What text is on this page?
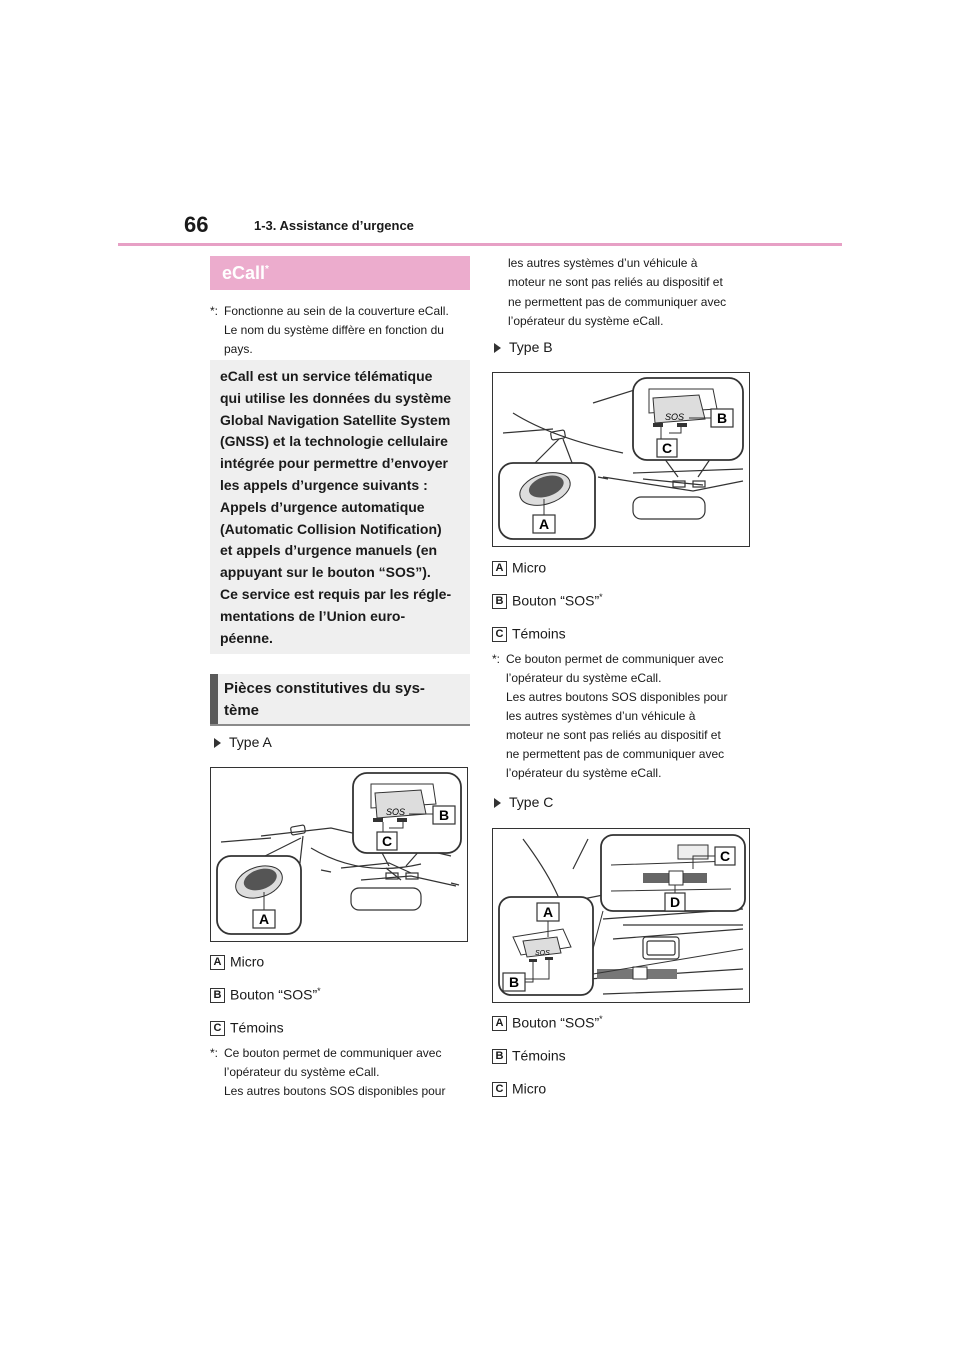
66	1-3. Assistance d’urgence
eCall*
*: Fonctionne au sein de la couverture eCall.
Le nom du système diffère en fonction du
pays.
eCall est un service télématique
qui utilise les données du système
Global Navigation Satellite System
(GNSS) et la technologie cellulaire
intégrée pour permettre d’envoyer
les appels d’urgence suivants :
Appels d’urgence automatique
(Automatic Collision Notification)
et appels d’urgence manuels (en
appuyant sur le bouton “SOS”).
Ce service est requis par les régle-
mentations de l’Union euro-
péenne.
Pièces constitutives du sys-
tème
Type A
SOS B
C
A
A Micro
B Bouton “SOS”*
C Témoins
*: Ce bouton permet de communiquer avec
l’opérateur du système eCall.
Les autres boutons SOS disponibles pour
les autres systèmes d’un véhicule à
moteur ne sont pas reliés au dispositif et
ne permettent pas de communiquer avec
l’opérateur du système eCall.
Type B
SOS B
C
A
A Micro
B Bouton “SOS”*
C Témoins
*: Ce bouton permet de communiquer avec
l’opérateur du système eCall.
Les autres boutons SOS disponibles pour
les autres systèmes d’un véhicule à
moteur ne sont pas reliés au dispositif et
ne permettent pas de communiquer avec
l’opérateur du système eCall.
Type C
C
D
SOS
A
B
A Bouton “SOS”*
B Témoins
C Micro
